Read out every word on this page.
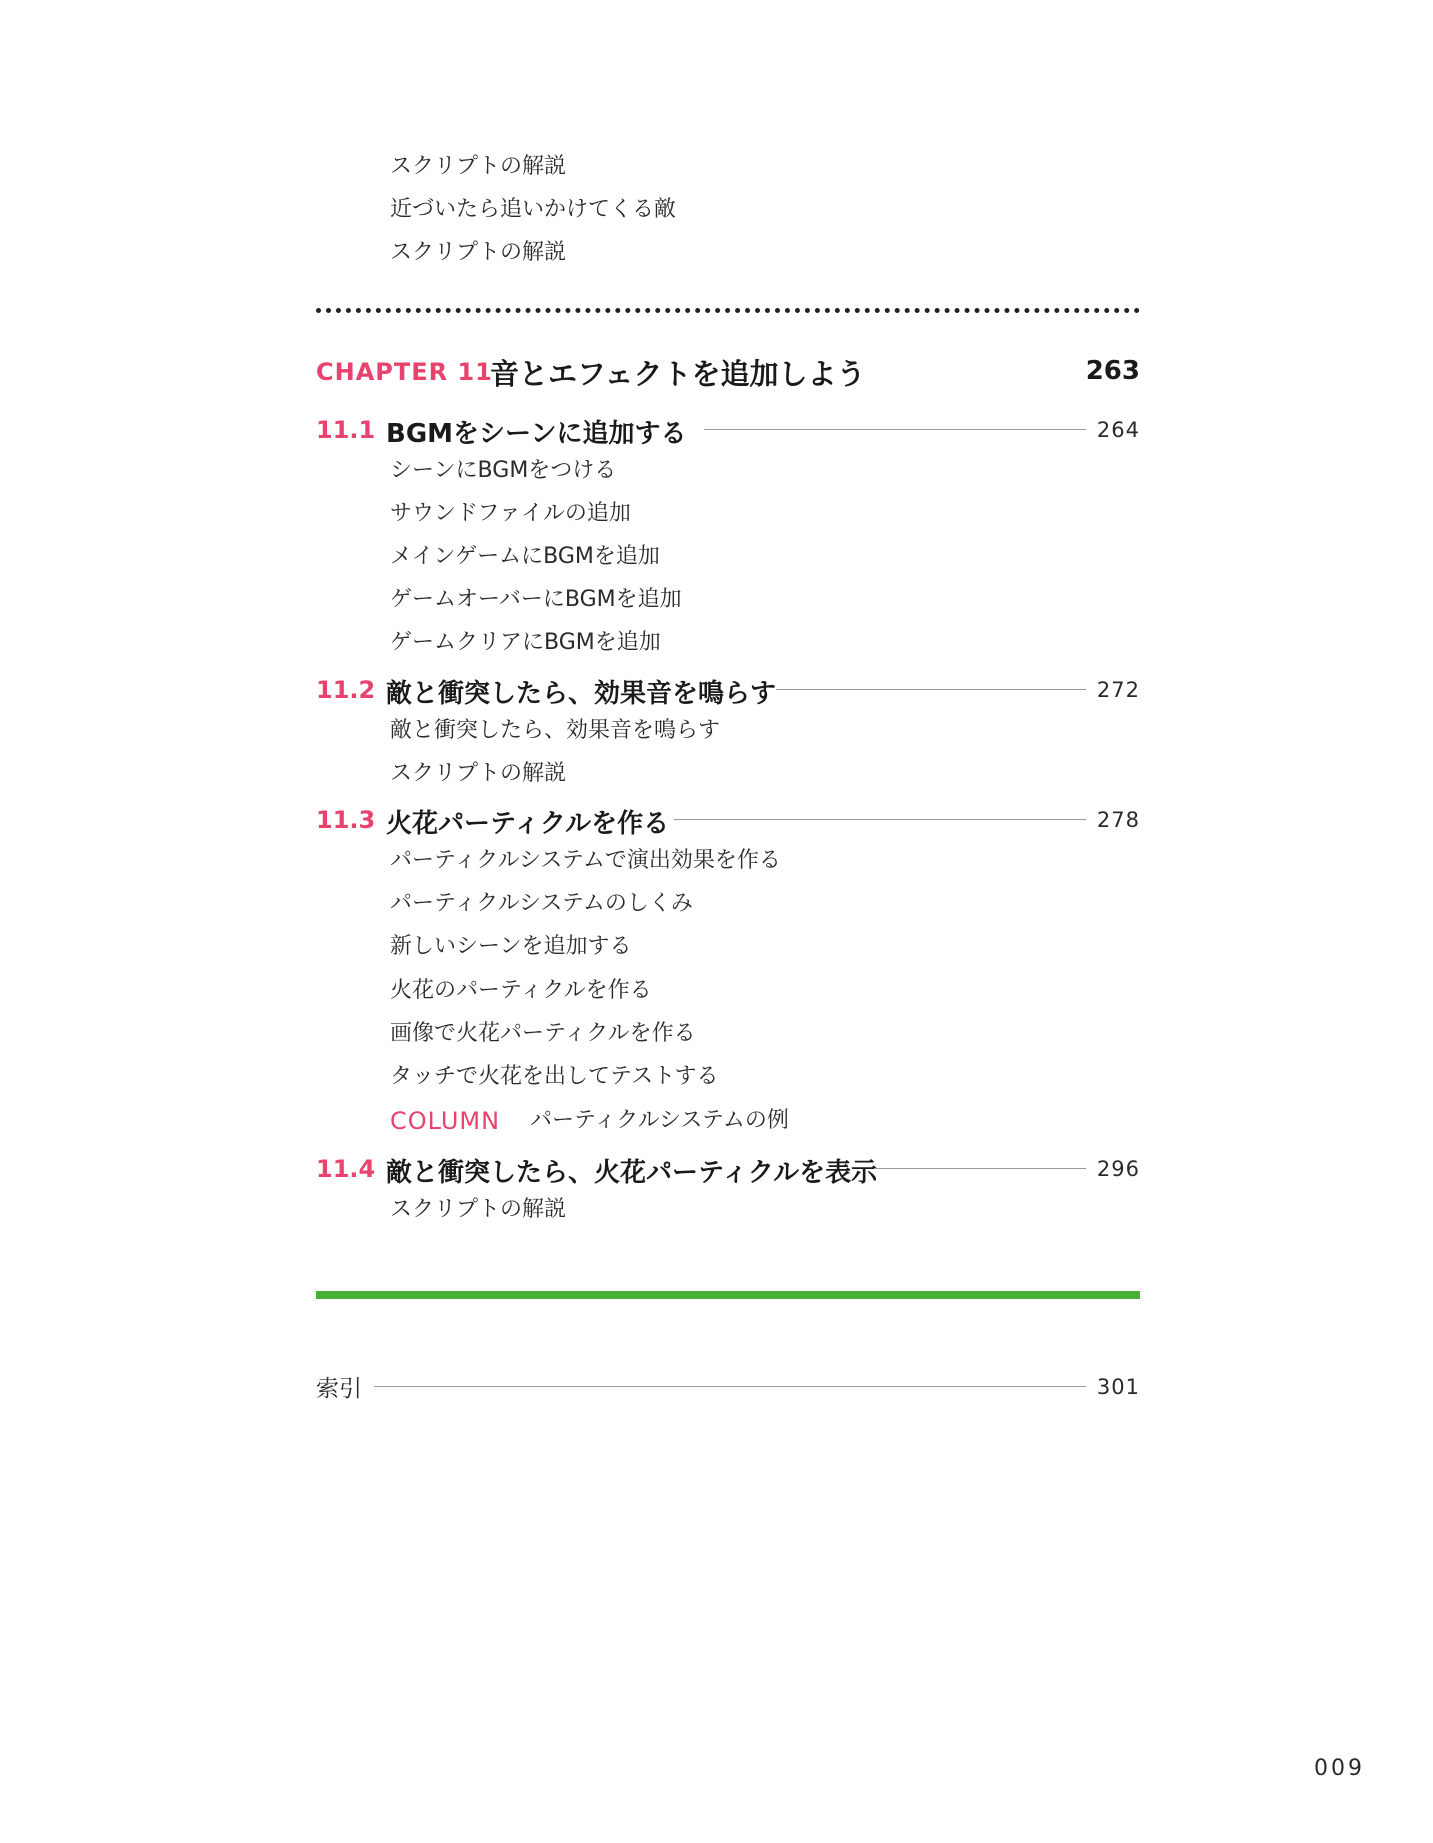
スクリプトの解説
近づいたら追いかけてくる敵
スクリプトの解説
CHAPTER 11
音とエフェクトを追加しよう	263
11.1 BGMをシーンに追加する	264
シーンにBGMをつける
サウンドファイルの追加
メインゲームにBGMを追加
ゲームオーバーにBGMを追加
ゲームクリアにBGMを追加
11.2 敵と衝突したら、効果音を鳴らす	272
敵と衝突したら、効果音を鳴らす
スクリプトの解説
11.3 火花パーティクルを作る	278
パーティクルシステムで演出効果を作る
パーティクルシステムのしくみ
新しいシーンを追加する
火花のパーティクルを作る
画像で火花パーティクルを作る
タッチで火花を出してテストする
COLUMN パーティクルシステムの例
11.4 敵と衝突したら、火花パーティクルを表示	296
スクリプトの解説
索引	301
009
